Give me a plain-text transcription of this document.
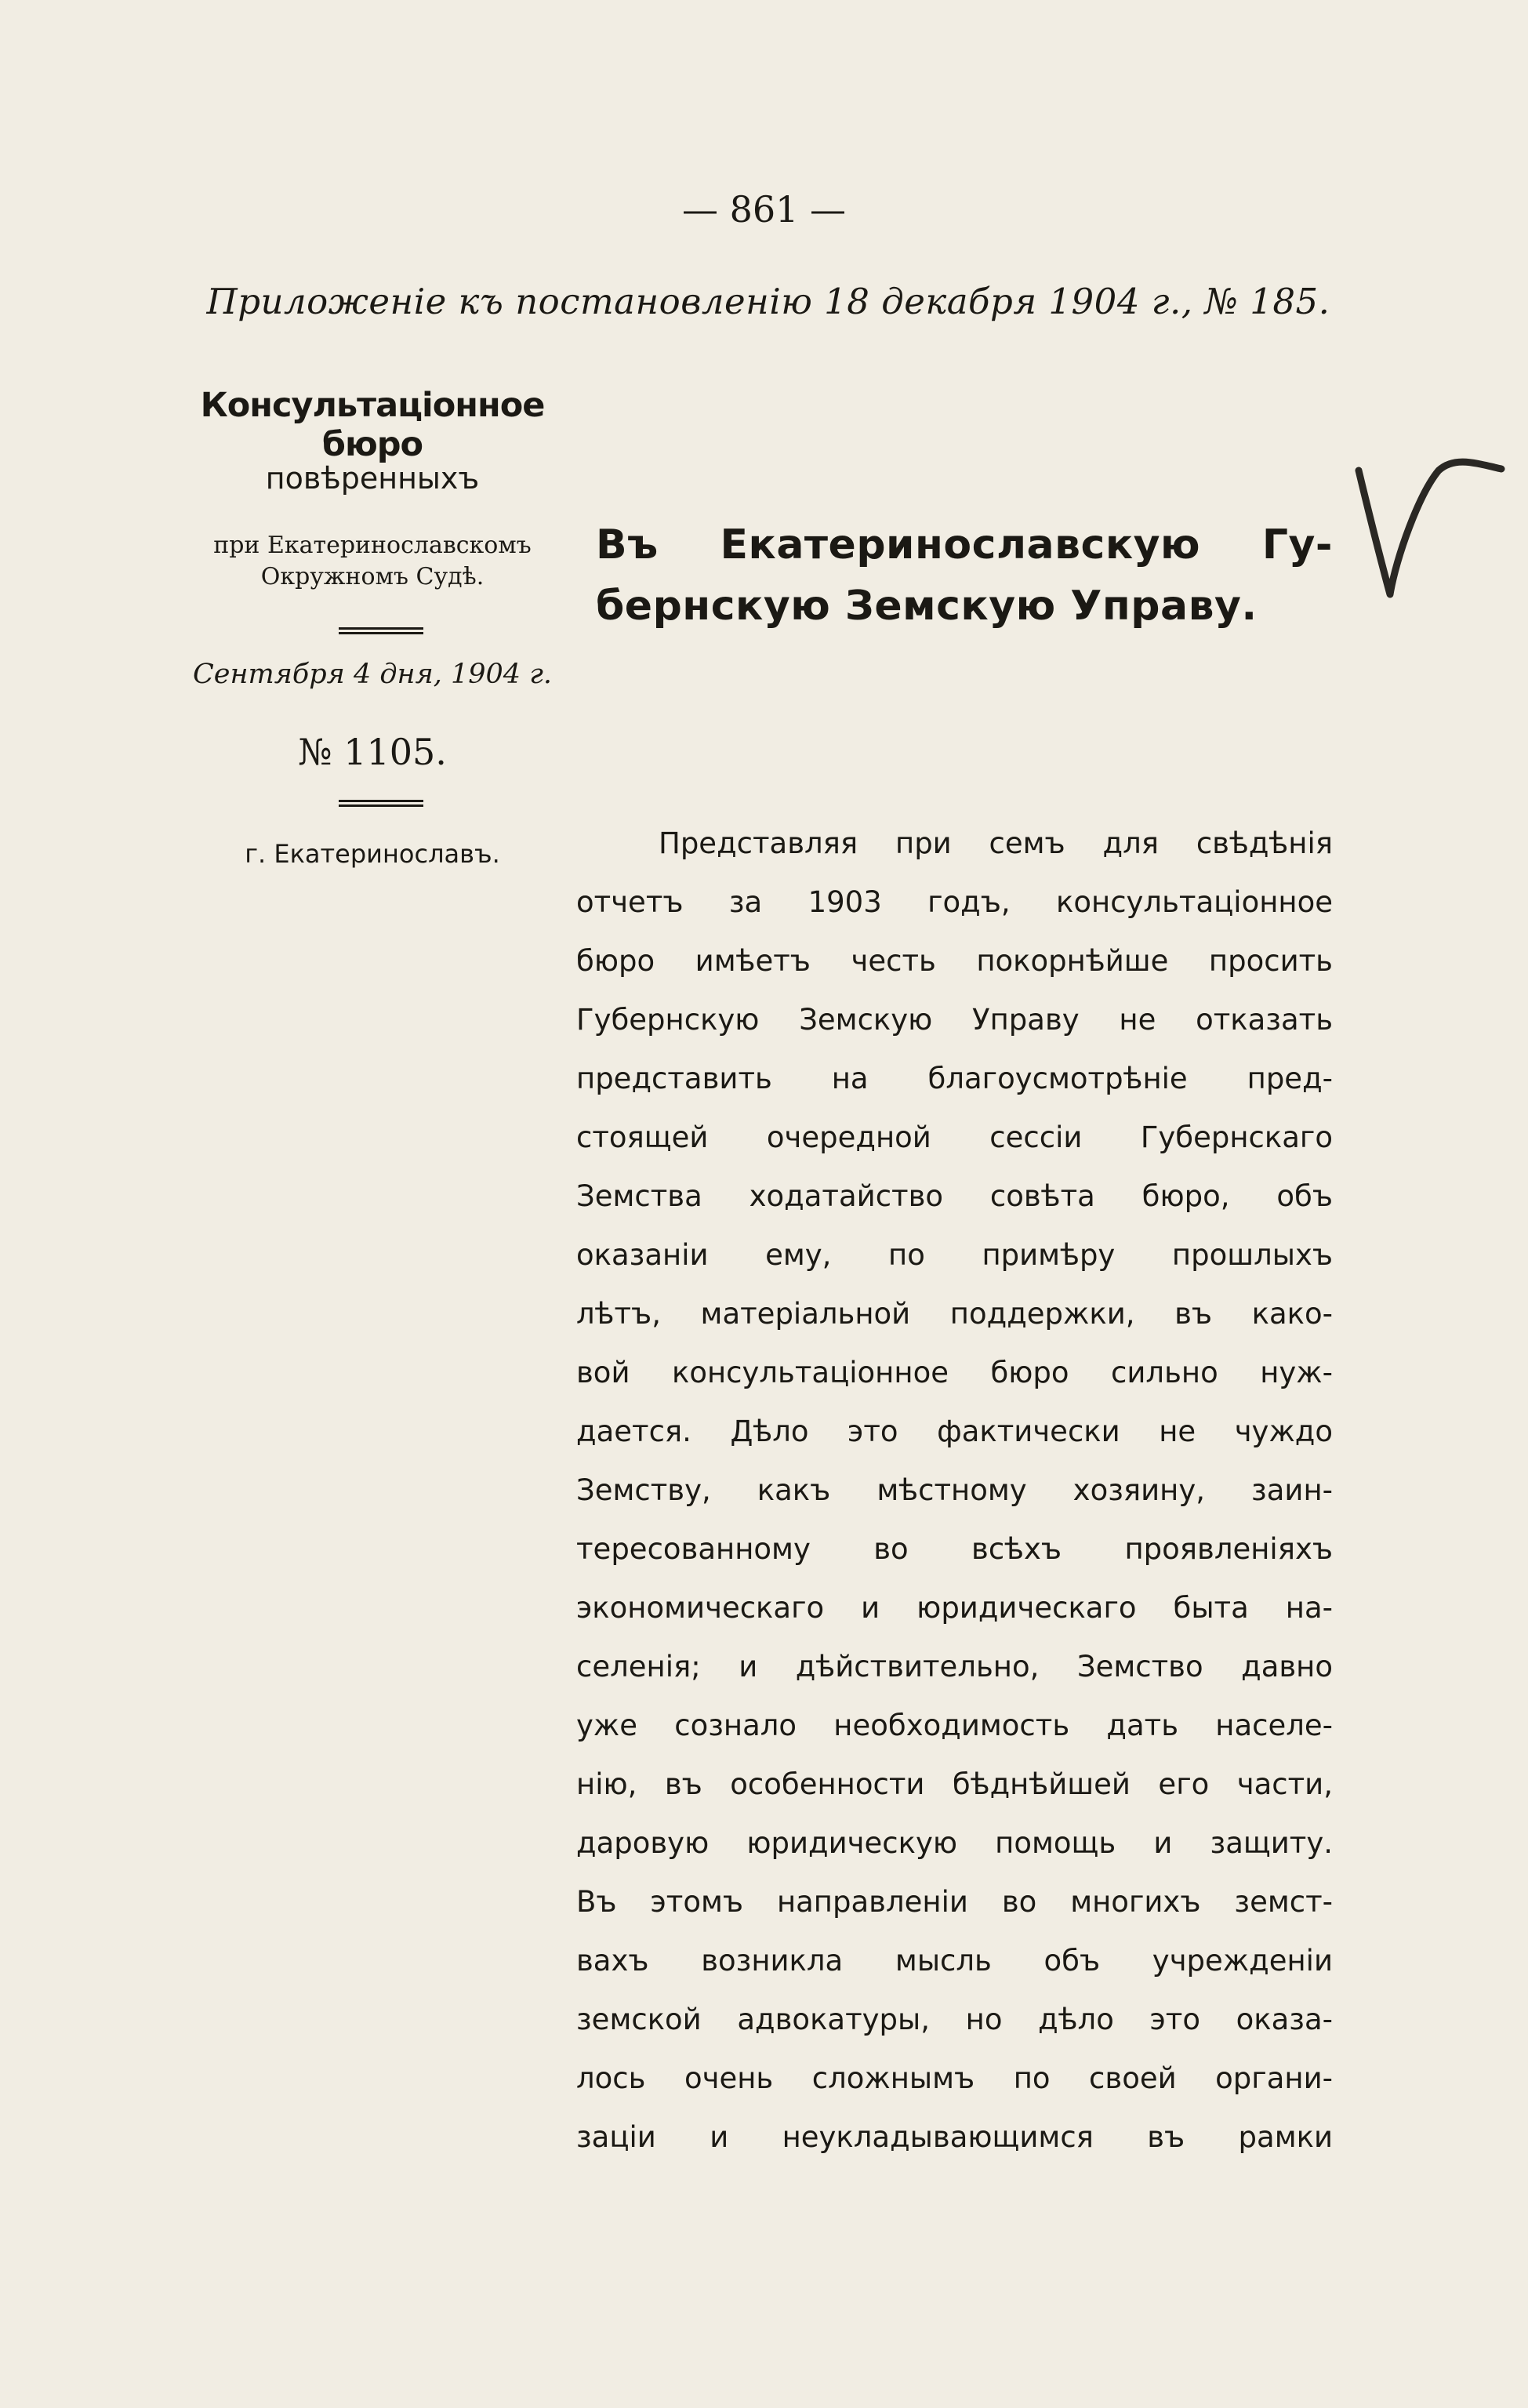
— 861 —
Приложенiе къ постановленiю 18 декабря 1904 г., № 185.
Консультацiонное бюро
повѣренныхъ
при Екатеринославскомъ
Окружномъ Судѣ.
Сентября 4 дня, 1904 г.
№ 1105.
г. Екатеринославъ.
Въ Екатеринославскую Гу-
бернскую Земскую Управу.
Представляя при семъ для свѣдѣнія
отчетъ за 1903 годъ, консультацiонное
бюро имѣетъ честь покорнѣйше просить
Губернскую Земскую Управу не отказать
представить на благоусмотрѣнiе пред-
стоящей очередной сессiи Губернскаго
Земства ходатайство совѣта бюро, объ
оказанiи ему, по примѣру прошлыхъ
лѣтъ, матерiальной поддержки, въ како-
вой консультацiонное бюро сильно нуж-
дается. Дѣло это фактически не чуждо
Земству, какъ мѣстному хозяину, заин-
тересованному во всѣхъ проявленiяхъ
экономическаго и юридическаго быта на-
селенiя; и дѣйствительно, Земство давно
уже сознало необходимость дать населе-
нiю, въ особенности бѣднѣйшей его части,
даровую юридическую помощь и защиту.
Въ этомъ направленiи во многихъ земст-
вахъ возникла мысль объ учрежденiи
земской адвокатуры, но дѣло это оказа-
лось очень сложнымъ по своей органи-
зацiи и неукладывающимся въ рамки
